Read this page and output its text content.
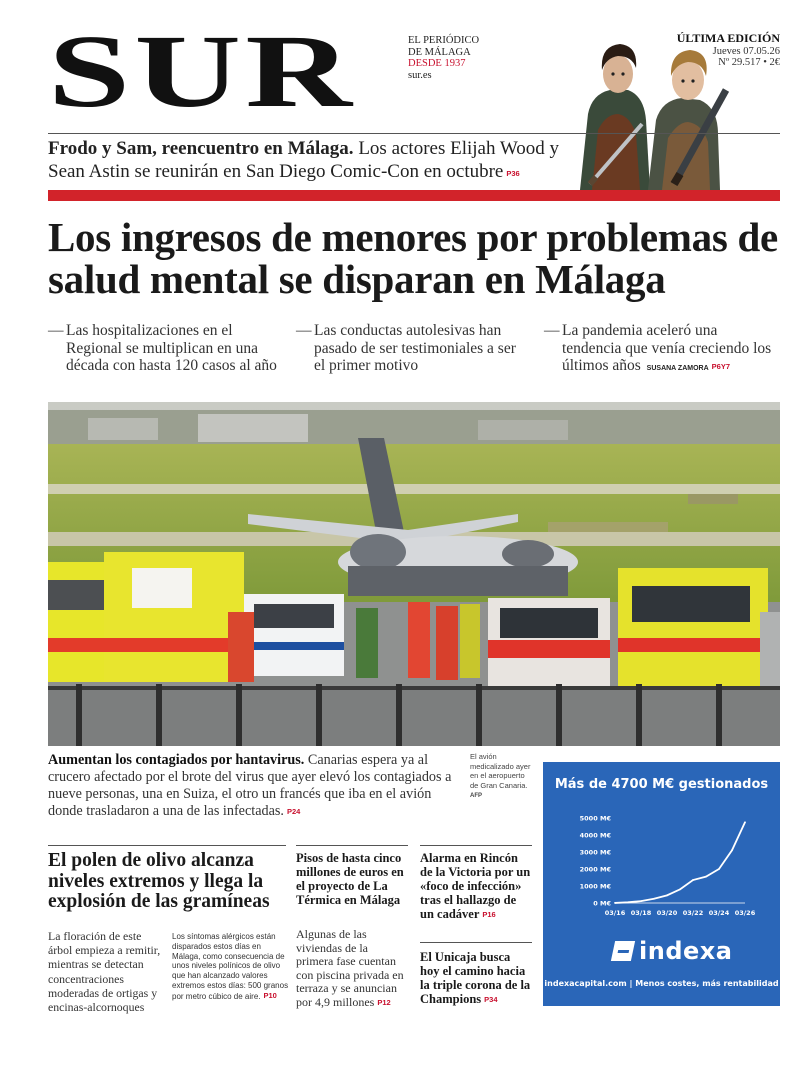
SUR	EL PERIÓDICO
DE MÁLAGA
DESDE 1937
sur.es
ÚLTIMA EDICIÓN
Jueves 07.05.26
Nº 29.517 • 2€
Frodo y Sam, reencuentro en Málaga. Los actores Elijah Wood y Sean Astin se reunirán en San Diego Comic-Con en octubre P36
Los ingresos de menores por problemas de salud mental se disparan en Málaga
— Las hospitalizaciones en el Regional se multiplican en una década con hasta 120 casos al año
— Las conductas autolesivas han pasado de ser testimoniales a ser el primer motivo
— La pandemia aceleró una tendencia que venía creciendo los últimos años SUSANA ZAMORA P6Y7
Aumentan los contagiados por hantavirus. Canarias espera ya al crucero afectado por el brote del virus que ayer elevó los contagiados a nueve personas, una en Suiza, el otro un francés que iba en el avión donde trasladaron a una de las infectadas. P24
El avión medicalizado ayer en el aeropuerto de Gran Canaria.
AFP
Más de 4700 M€ gestionados
0 M€
1000 M€
2000 M€
3000 M€
4000 M€
5000 M€
03/16 03/18 03/20 03/22 03/24 03/26
indexa
indexacapital.com | Menos costes, más rentabilidad
El polen de olivo alcanza niveles extremos y llega la explosión de las gramíneas
La floración de este árbol empieza a remitir, mientras se detectan concentraciones moderadas de ortigas y encinas-alcornoques
Los síntomas alérgicos están disparados estos días en Málaga, como consecuencia de unos niveles polínicos de olivo que han alcanzado valores extremos estos días: 500 granos por metro cúbico de aire. P10
Pisos de hasta cinco millones de euros en el proyecto de La Térmica en Málaga
Algunas de las viviendas de la primera fase cuentan con piscina privada en terraza y se anuncian por 4,9 millones P12
Alarma en Rincón de la Victoria por un «foco de infección» tras el hallazgo de un cadáver P16
El Unicaja busca hoy el camino hacia la triple corona de la Champions P34
